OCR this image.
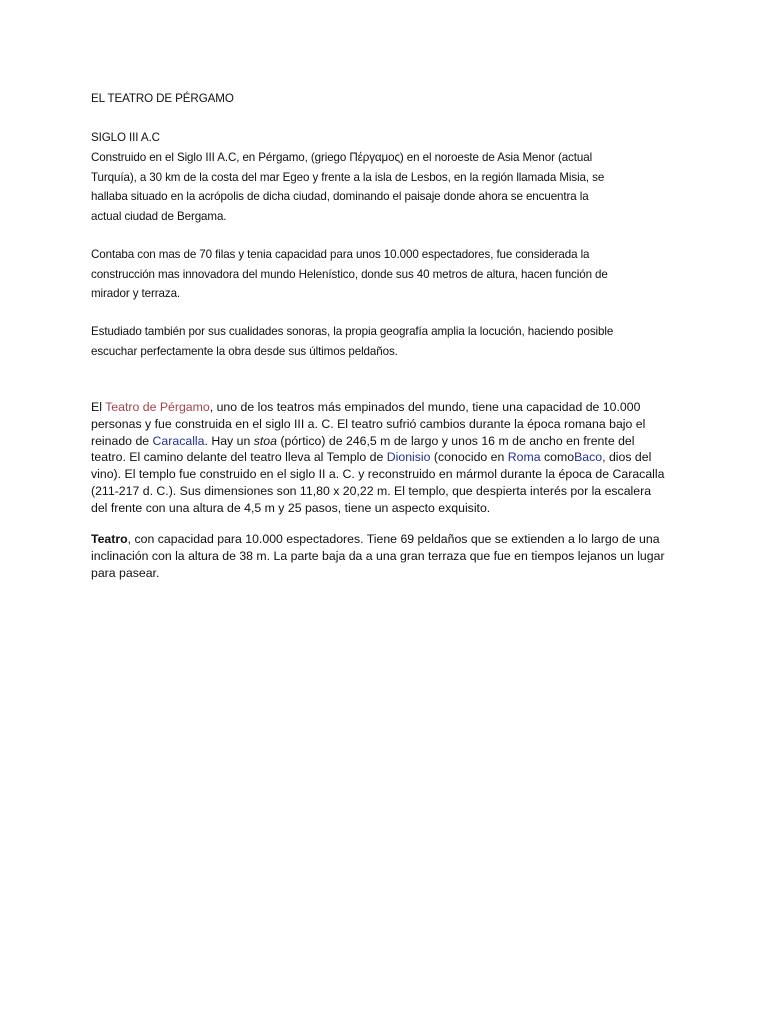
EL TEATRO DE PÉRGAMO
SIGLO III A.C
Construido en el Siglo III A.C, en Pérgamo, (griego Πέργαμος) en el noroeste de Asia Menor (actual
Turquía), a 30 km de la costa del mar Egeo y frente a la isla de Lesbos, en la región llamada Misia, se
hallaba situado en la acrópolis de dicha ciudad, dominando el paisaje donde ahora se encuentra la
actual ciudad de Bergama.
Contaba con mas de 70 filas y tenia capacidad para unos 10.000 espectadores, fue considerada la
construcción mas innovadora del mundo Helenístico, donde sus 40 metros de altura, hacen función de
mirador y terraza.
Estudiado también por sus cualidades sonoras, la propia geografía amplia la locución, haciendo posible
escuchar perfectamente la obra desde sus últimos peldaños.
El Teatro de Pérgamo, uno de los teatros más empinados del mundo, tiene una capacidad de 10.000
personas y fue construida en el siglo III a. C. El teatro sufrió cambios durante la época romana bajo el
reinado de Caracalla. Hay un stoa (pórtico) de 246,5 m de largo y unos 16 m de ancho en frente del
teatro. El camino delante del teatro lleva al Templo de Dionisio (conocido en Roma comoBaco, dios del
vino). El templo fue construido en el siglo II a. C. y reconstruido en mármol durante la época de Caracalla
(211-217 d. C.). Sus dimensiones son 11,80 x 20,22 m. El templo, que despierta interés por la escalera
del frente con una altura de 4,5 m y 25 pasos, tiene un aspecto exquisito.
Teatro, con capacidad para 10.000 espectadores. Tiene 69 peldaños que se extienden a lo largo de una
inclinación con la altura de 38 m. La parte baja da a una gran terraza que fue en tiempos lejanos un lugar
para pasear.
